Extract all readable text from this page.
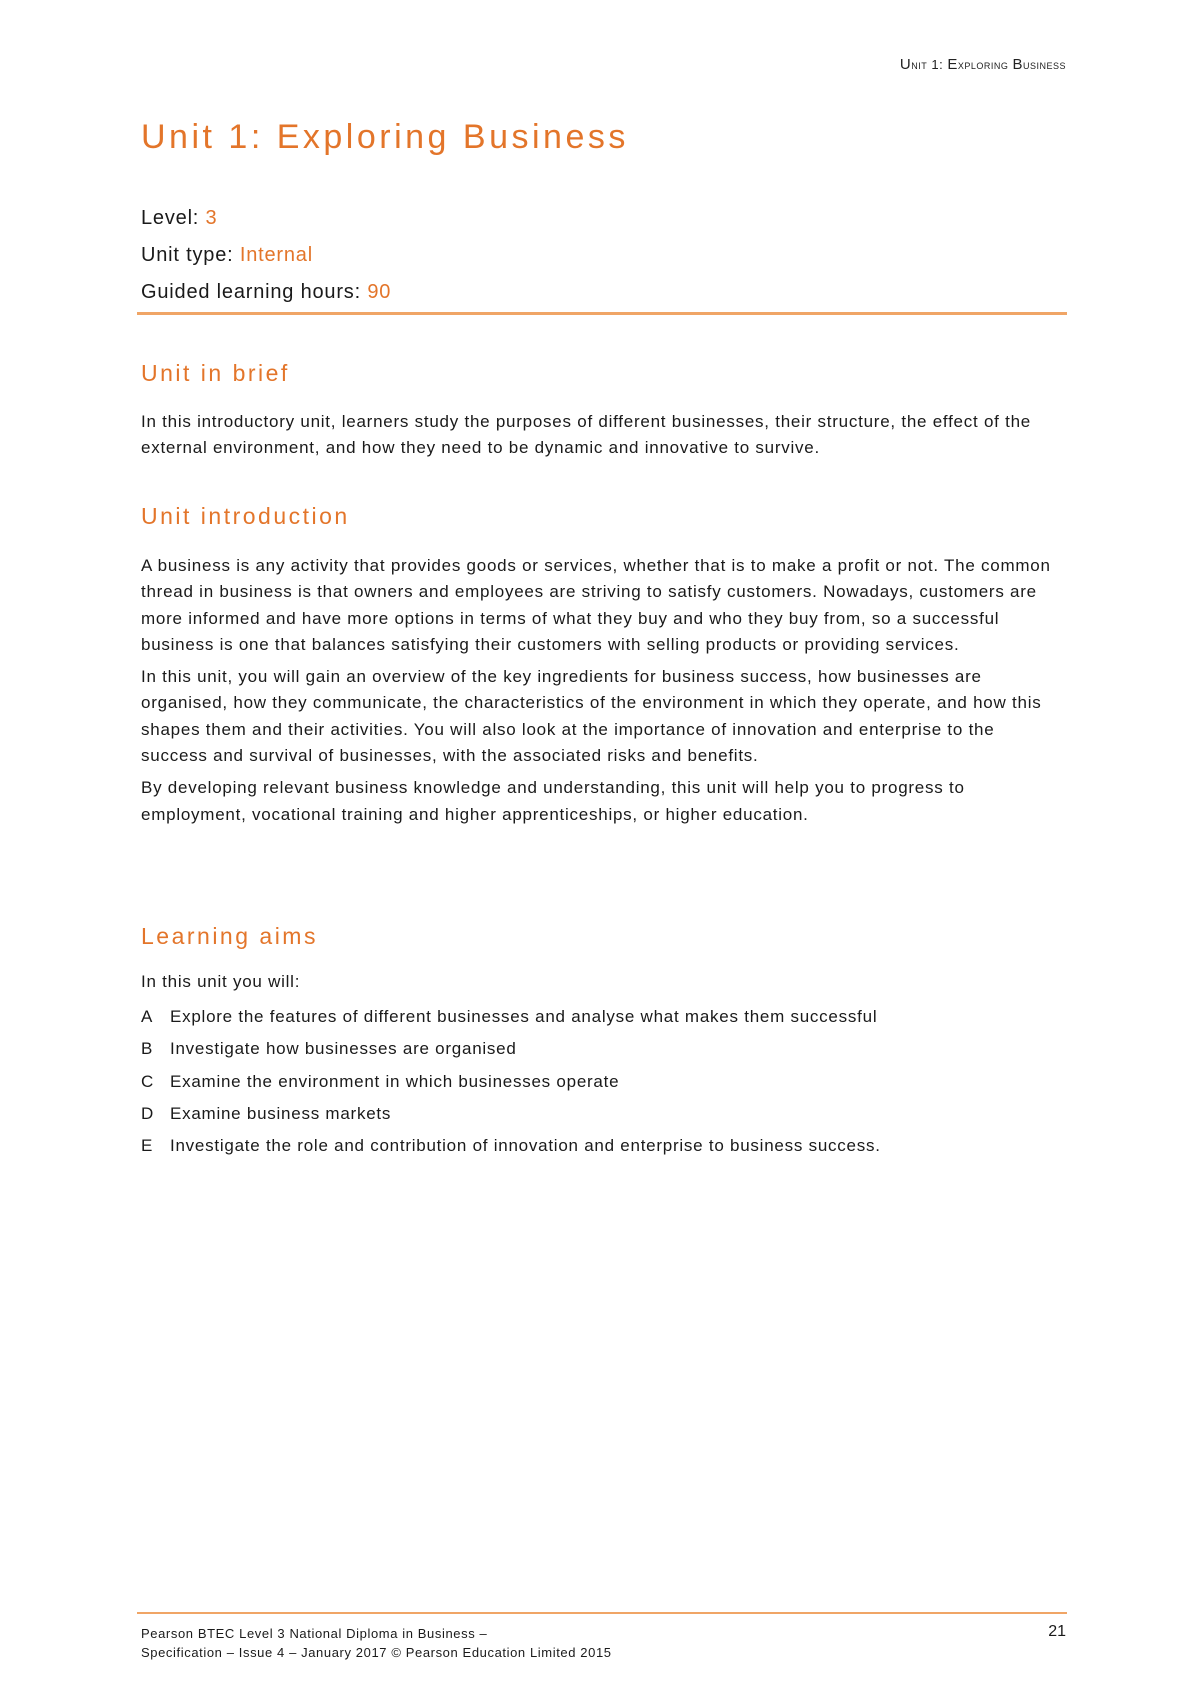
Unit 1: Exploring Business
Unit 1: Exploring Business
Level: 3
Unit type: Internal
Guided learning hours: 90
Unit in brief

In this introductory unit, learners study the purposes of different businesses, their structure, the effect of the external environment, and how they need to be dynamic and innovative to survive.

Unit introduction

A business is any activity that provides goods or services, whether that is to make a profit or not. The common thread in business is that owners and employees are striving to satisfy customers. Nowadays, customers are more informed and have more options in terms of what they buy and who they buy from, so a successful business is one that balances satisfying their customers with selling products or providing services.

In this unit, you will gain an overview of the key ingredients for business success, how businesses are organised, how they communicate, the characteristics of the environment in which they operate, and how this shapes them and their activities. You will also look at the importance of innovation and enterprise to the success and survival of businesses, with the associated risks and benefits.

By developing relevant business knowledge and understanding, this unit will help you to progress to employment, vocational training and higher apprenticeships, or higher education.

Learning aims

In this unit you will:

A Explore the features of different businesses and analyse what makes them successful
B Investigate how businesses are organised
C Examine the environment in which businesses operate
D Examine business markets
E Investigate the role and contribution of innovation and enterprise to business success.
Pearson BTEC Level 3 National Diploma in Business –
Specification – Issue 4 – January 2017 © Pearson Education Limited 2015
21
